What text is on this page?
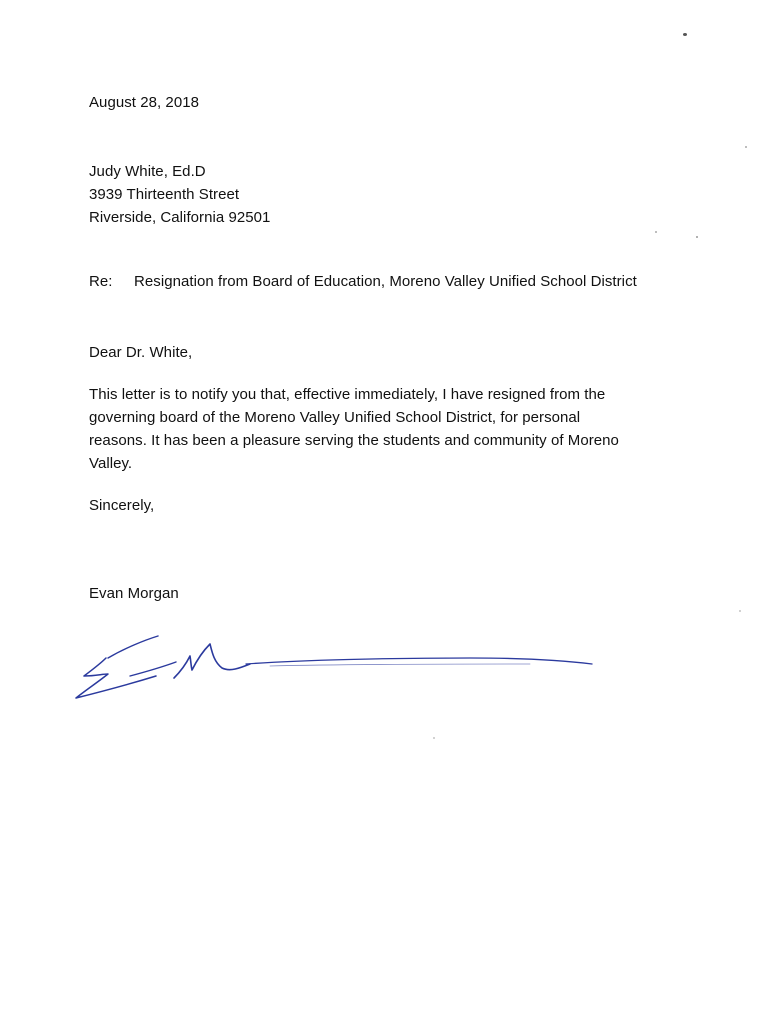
August 28, 2018
Judy White, Ed.D
3939 Thirteenth Street
Riverside, California 92501
Re: Resignation from Board of Education, Moreno Valley Unified School District
Dear Dr. White,
This letter is to notify you that, effective immediately, I have resigned from the
governing board of the Moreno Valley Unified School District, for personal
reasons. It has been a pleasure serving the students and community of Moreno
Valley.
Sincerely,
Evan Morgan
